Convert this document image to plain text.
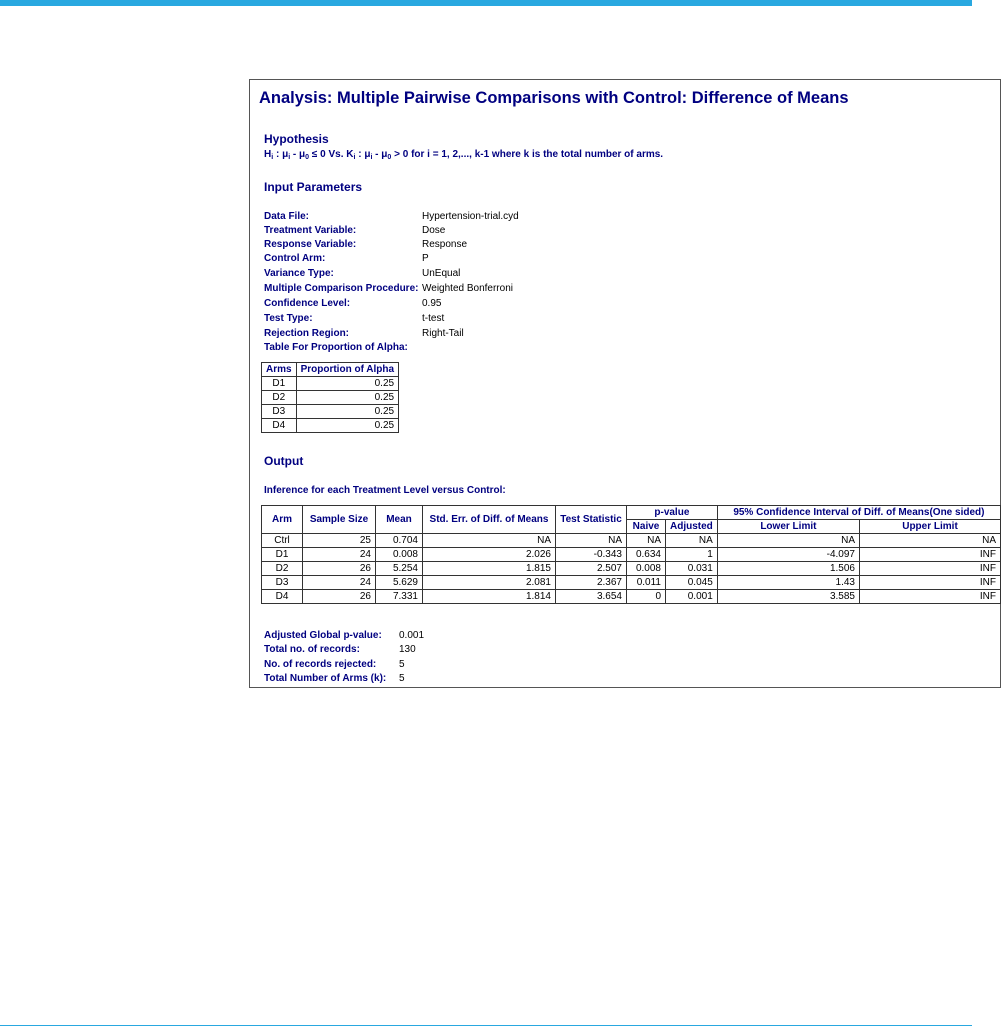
Analysis: Multiple Pairwise Comparisons with Control: Difference of Means
Hypothesis
$H_i$ : $\mu_i - \mu_0 \le 0$ Vs. $K_i$ : $\mu_i - \mu_0 > 0$ for i = 1, 2,..., k-1 where k is the total number of arms.
Input Parameters
Data File:	Hypertension-trial.cyd
Treatment Variable:	Dose
Response Variable:	Response
Control Arm:	P
Variance Type:	UnEqual
Multiple Comparison Procedure: Weighted Bonferroni
Confidence Level:	0.95
Test Type:	t-test
Rejection Region:	Right-Tail
Table For Proportion of Alpha:
Arms	Proportion of Alpha
D1	0.25
D2	0.25
D3	0.25
D4	0.25
Output
Inference for each Treatment Level versus Control:
Arm	Sample Size	Mean	Std. Err. of Diff. of Means	Test Statistic	p-value		95% Confidence Interval of Diff. of Means(One sided)	
					Naive	Adjusted	Lower Limit	Upper Limit
Ctrl	25	0.704	NA	NA	NA	NA	NA	NA
D1	24	0.008	2.026	-0.343	0.634	1	-4.097	INF
D2	26	5.254	1.815	2.507	0.008	0.031	1.506	INF
D3	24	5.629	2.081	2.367	0.011	0.045	1.43	INF
D4	26	7.331	1.814	3.654	0	0.001	3.585	INF
Adjusted Global p-value: 0.001
Total no. of records:	130
No. of records rejected: 5
Total Number of Arms (k): 5
